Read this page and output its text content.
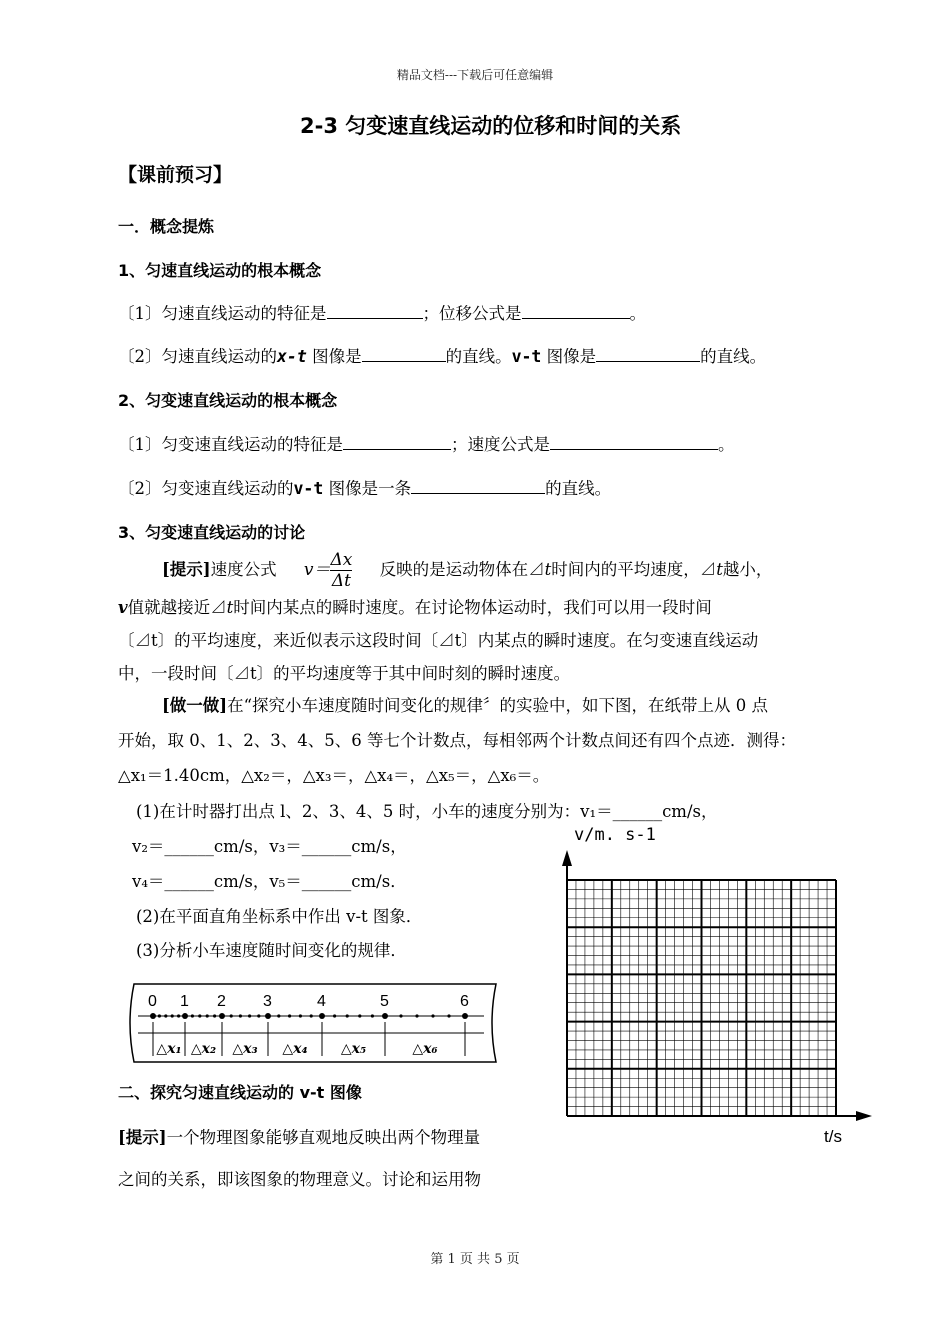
精品文档---下载后可任意编辑
2-3 匀变速直线运动的位移和时间的关系
【课前预习】
一．概念提炼
1、匀速直线运动的根本概念
〔1〕匀速直线运动的特征是	；位移公式是	。
〔2〕匀速直线运动的x-t 图像是	的直线。v-t 图像是	的直线。
2、匀变速直线运动的根本概念
〔1〕匀变速直线运动的特征是	；速度公式是	。
〔2〕匀变速直线运动的v-t 图像是一条	的直线。
3、匀变速直线运动的讨论
[提示]速度公式 $v= \frac{\Delta x}{\Delta t}$ 反映的是运动物体在⊿t时间内的平均速度，⊿t越小，
v值就越接近⊿t时间内某点的瞬时速度。在讨论物体运动时，我们可以用一段时间
〔⊿t〕的平均速度，来近似表示这段时间〔⊿t〕内某点的瞬时速度。在匀变速直线运动
中，一段时间〔⊿t〕的平均速度等于其中间时刻的瞬时速度。
[做一做]在“探究小车速度随时间变化的规律〞的实验中，如下图，在纸带上从 0 点
开始，取 0、1、2、3、4、5、6 等七个计数点，每相邻两个计数点间还有四个点迹．测得：
△x₁＝1.40cm，△x₂＝，△x₃＝，△x₄＝，△x₅＝，△x₆＝。
(1)在计时器打出点 l、2、3、4、5 时，小车的速度分别为：v₁＝______cm/s，
v₂＝______cm/s，v₃＝______cm/s，
v₄＝______cm/s，v₅＝______cm/s．
(2)在平面直角坐标系中作出 v-t 图象．
(3)分析小车速度随时间变化的规律．
0 1 2 3	4	5	6
△x₁ △x₂ △x₃ △x₄ △x₅	△x₆
v/m. s-1
t/s
二、探究匀速直线运动的 v-t 图像
[提示]一个物理图象能够直观地反映出两个物理量
之间的关系，即该图象的物理意义。讨论和运用物
第 1 页 共 5 页
